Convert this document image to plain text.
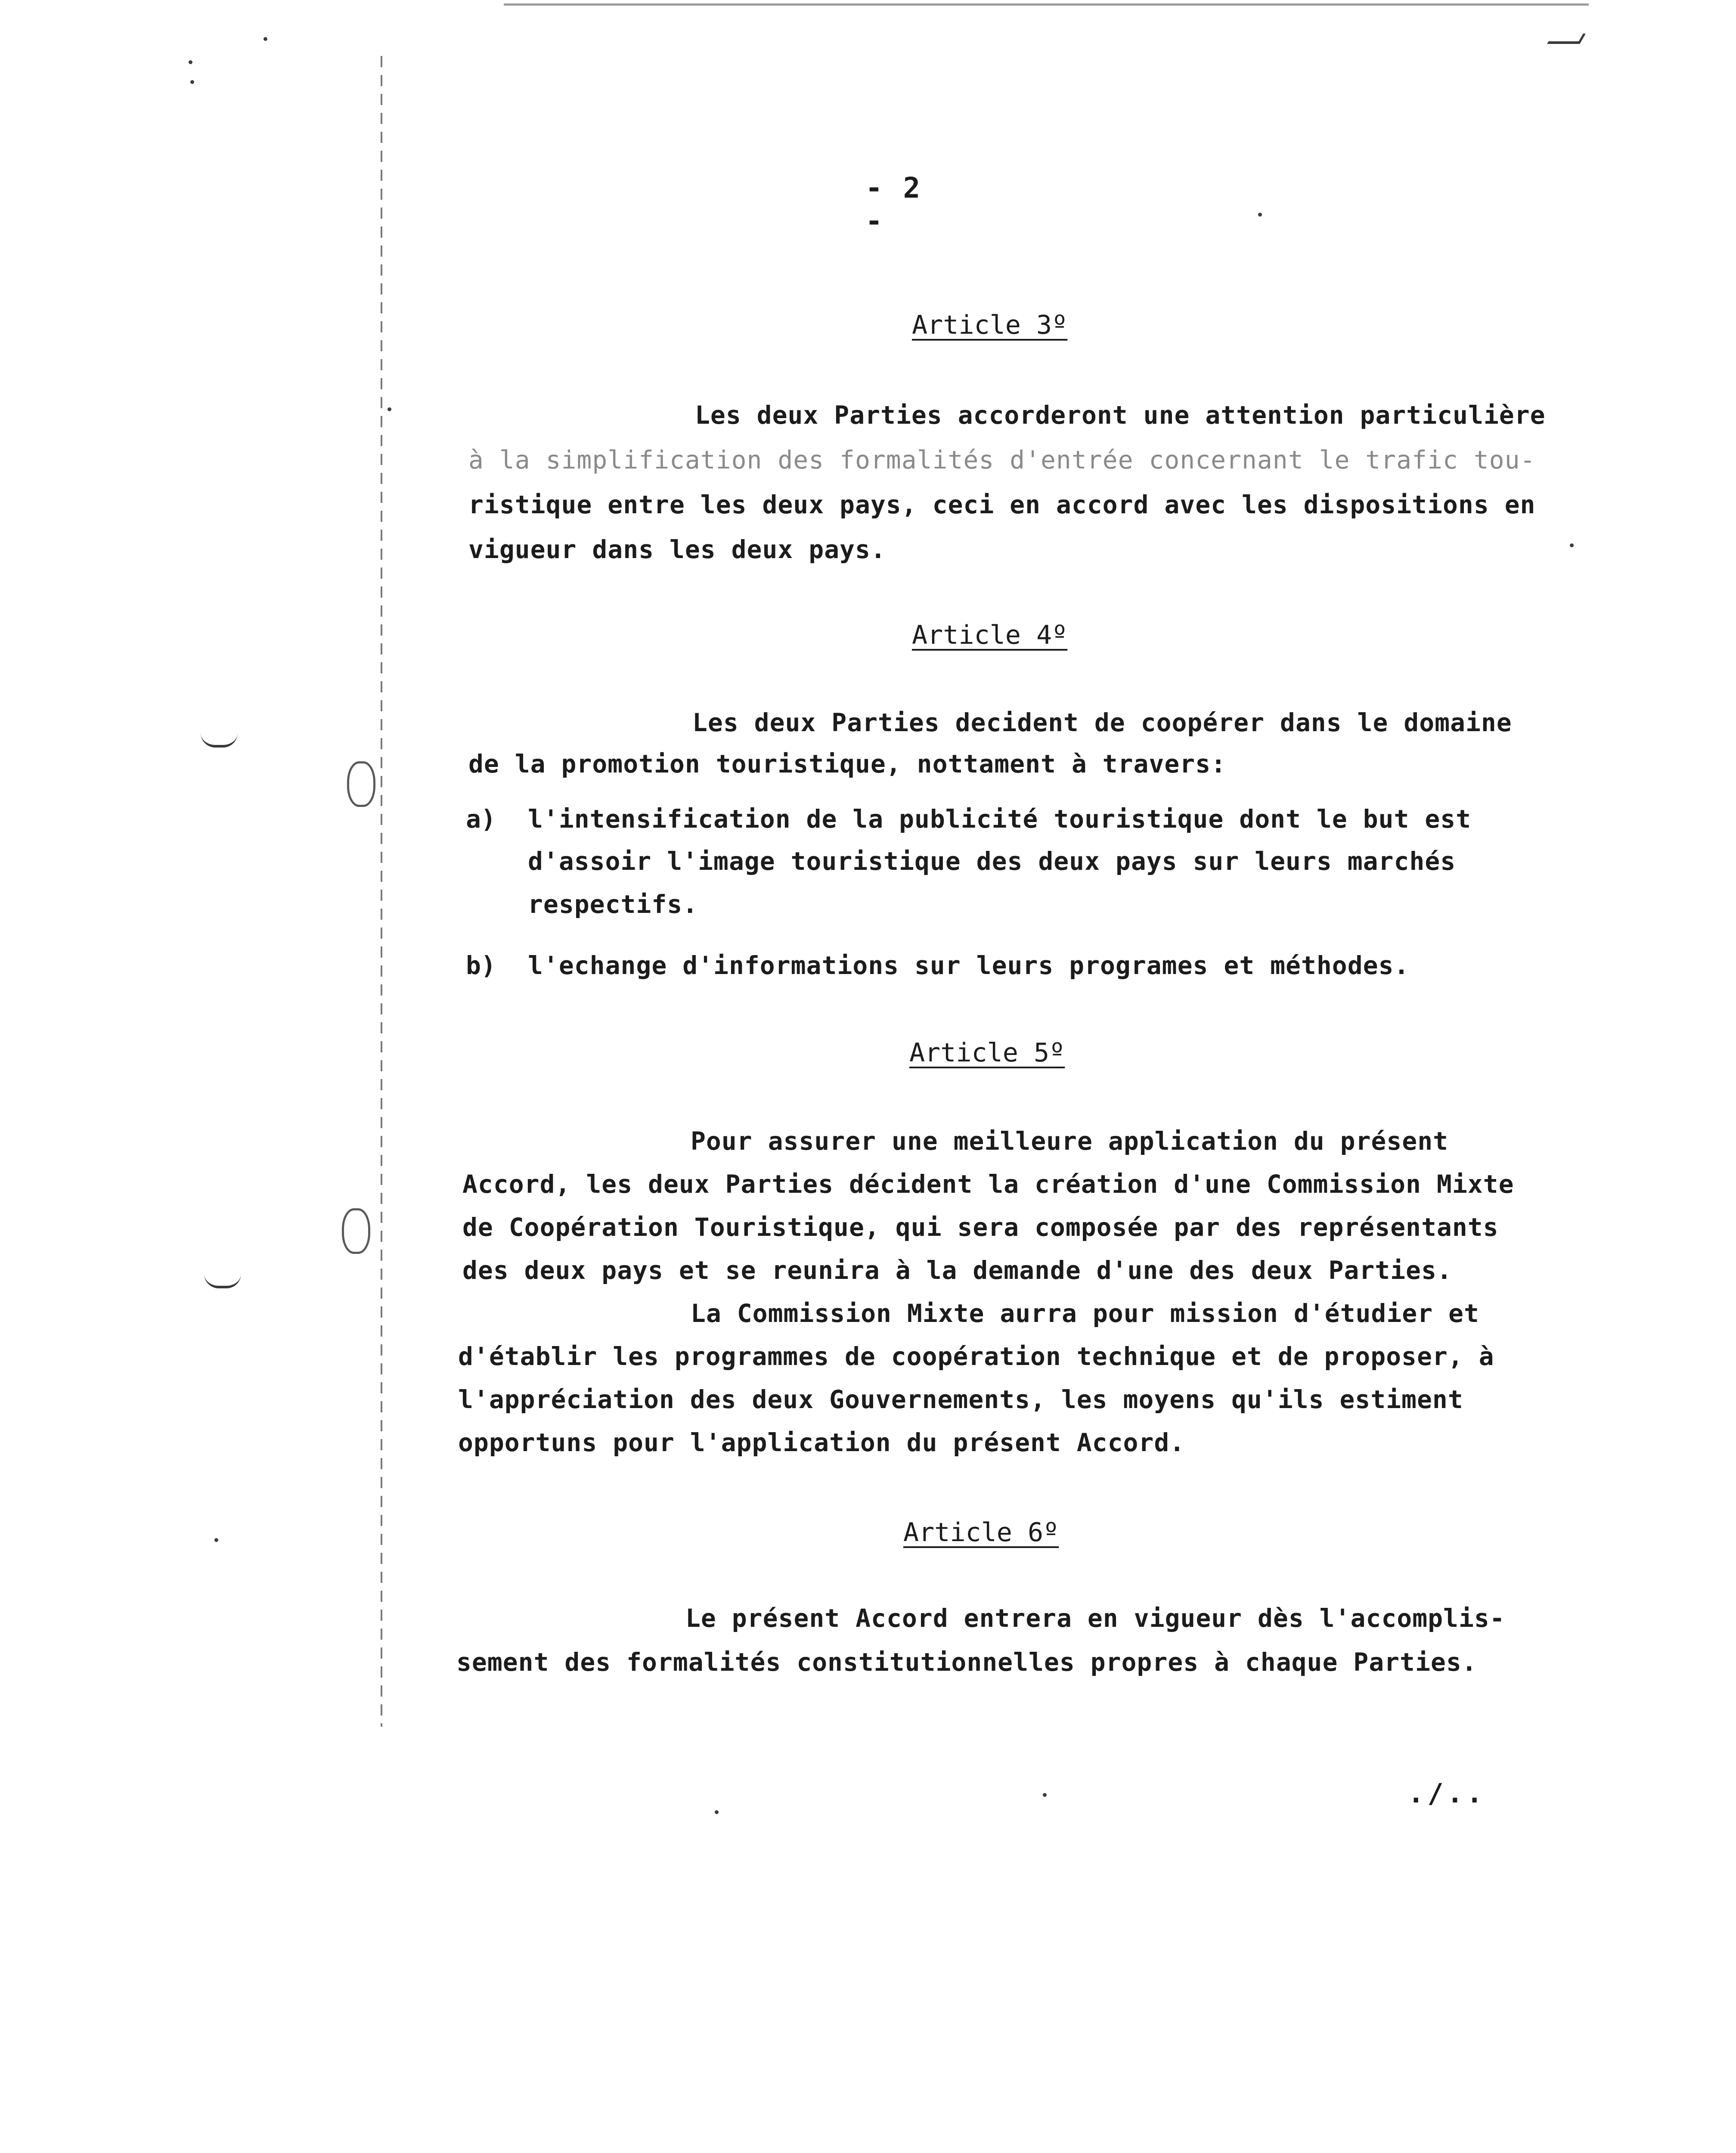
- 2 -
Article 3º
Les deux Parties accorderont une attention particulière
à la simplification des formalités d'entrée concernant le trafic tou-
ristique entre les deux pays, ceci en accord avec les dispositions en
vigueur dans les deux pays.
Article 4º
Les deux Parties decident de coopérer dans le domaine
de la promotion touristique, nottament à travers:
a) l'intensification de la publicité touristique dont le but est
d'assoir l'image touristique des deux pays sur leurs marchés
respectifs.
b) l'echange d'informations sur leurs programes et méthodes.
Article 5º
Pour assurer une meilleure application du présent
Accord, les deux Parties décident la création d'une Commission Mixte
de Coopération Touristique, qui sera composée par des représentants
des deux pays et se reunira à la demande d'une des deux Parties.
La Commission Mixte aurra pour mission d'étudier et
d'établir les programmes de coopération technique et de proposer, à
l'appréciation des deux Gouvernements, les moyens qu'ils estiment
opportuns pour l'application du présent Accord.
Article 6º
Le présent Accord entrera en vigueur dès l'accomplis-
sement des formalités constitutionnelles propres à chaque Parties.
./..
